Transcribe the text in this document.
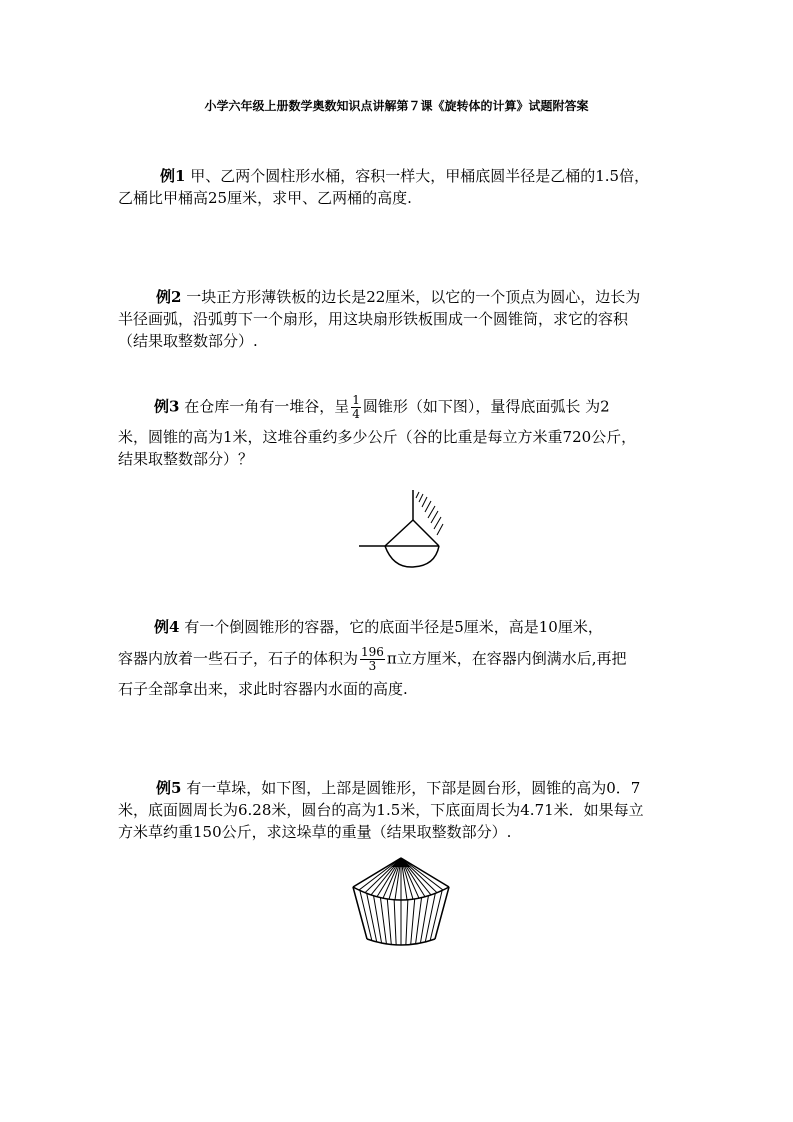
小学六年级上册数学奥数知识点讲解第７课《旋转体的计算》试题附答案
例1 甲、乙两个圆柱形水桶，容积一样大，甲桶底圆半径是乙桶的1.5倍，
乙桶比甲桶高25厘米，求甲、乙两桶的高度.
例2 一块正方形薄铁板的边长是22厘米，以它的一个顶点为圆心，边长为
半径画弧，沿弧剪下一个扇形，用这块扇形铁板围成一个圆锥筒，求它的容积
（结果取整数部分）.
例3 在仓库一角有一堆谷，呈 $\frac{1}{4}$ 圆锥形（如下图），量得底面弧长 为2
米，圆锥的高为1米，这堆谷重约多少公斤（谷的比重是每立方米重720公斤，
结果取整数部分）？
例4 有一个倒圆锥形的容器，它的底面半径是5厘米，高是10厘米，
容器内放着一些石子，石子的体积为 $\frac{196}{3}$ π立方厘米，在容器内倒满水后,再把
石子全部拿出来，求此时容器内水面的高度.
例5 有一草垛，如下图，上部是圆锥形，下部是圆台形，圆锥的高为0．7
米，底面圆周长为6.28米，圆台的高为1.5米，下底面周长为4.71米．如果每立
方米草约重150公斤，求这垛草的重量（结果取整数部分）.
